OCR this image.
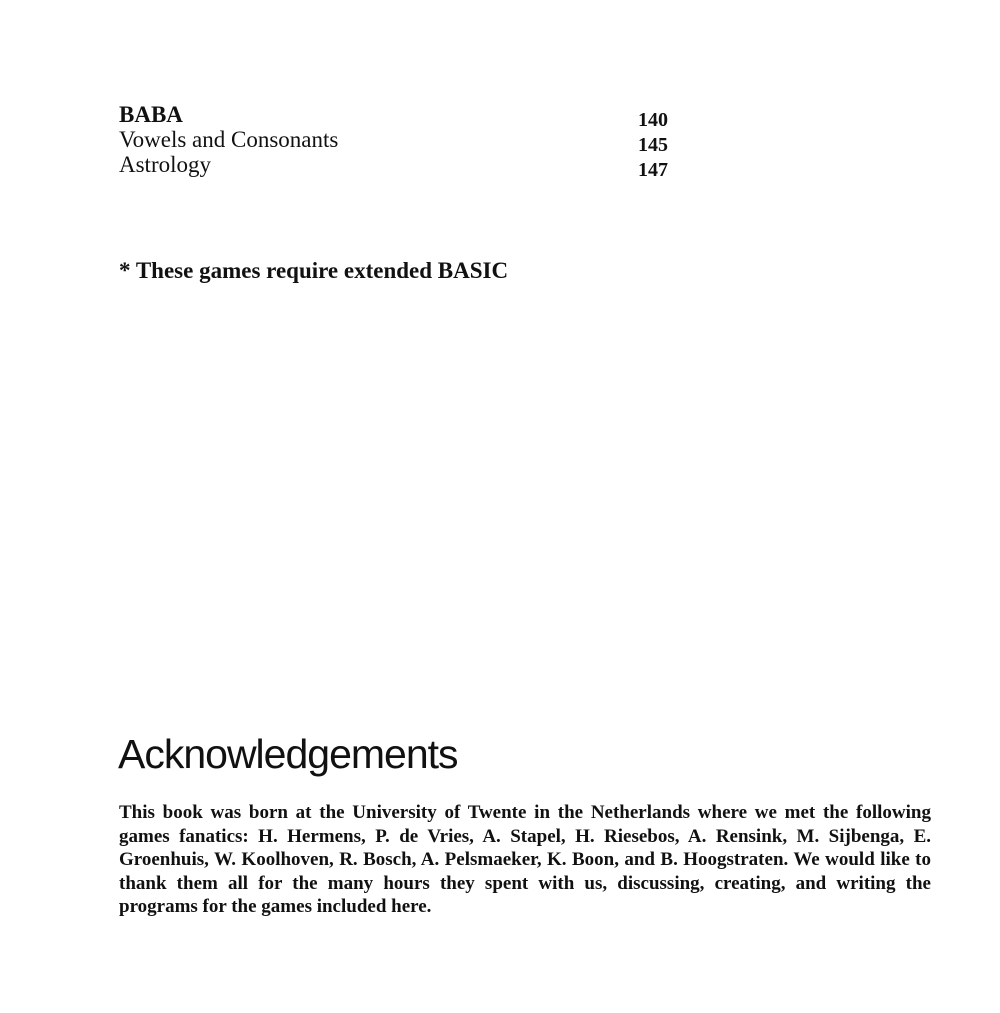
BABA	140
Vowels and Consonants	145
Astrology	147
* These games require extended BASIC
Acknowledgements

This book was born at the University of Twente in the Netherlands where we met the following games fanatics: H. Hermens, P. de Vries, A. Stapel, H. Riesebos, A. Rensink, M. Sijbenga, E. Groenhuis, W. Koolhoven, R. Bosch, A. Pelsmaeker, K. Boon, and B. Hoogstraten. We would like to thank them all for the many hours they spent with us, discussing, creating, and writing the programs for the games included here.
